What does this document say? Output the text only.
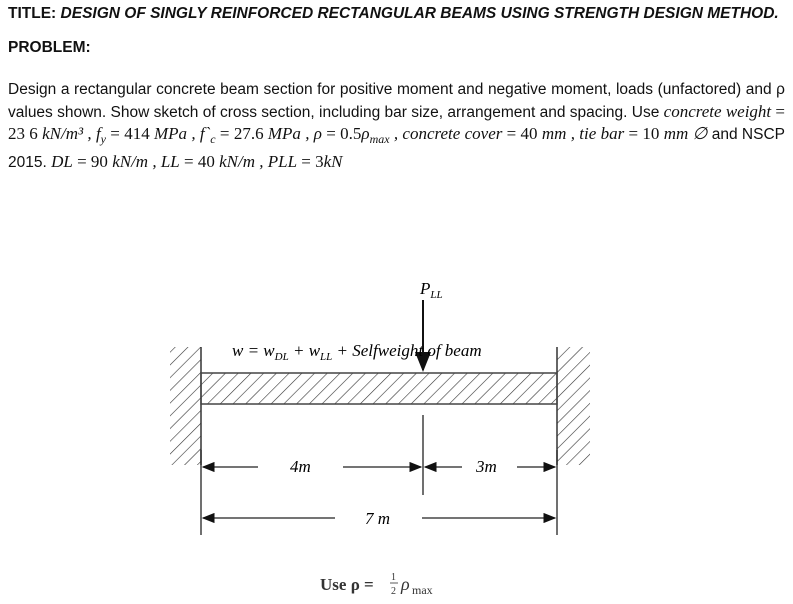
TITLE: DESIGN OF SINGLY REINFORCED RECTANGULAR BEAMS USING STRENGTH DESIGN METHOD.
PROBLEM:
Design a rectangular concrete beam section for positive moment and negative moment, loads (unfactored) and ρ values shown. Show sketch of cross section, including bar size, arrangement and spacing. Use concrete weight = 23 6 kN/m³ , $f_y = 414$ MPa , $f`_c = 27.6$ MPa , $\rho = 0.5\rho_{max}$ , concrete cover = 40 mm , tie bar = 10 mm ∅ and NSCP 2015. DL = 90 kN/m , LL = 40 kN/m , PLL = 3kN
$P_{LL}$
$w = w_{DL} + w_{LL}$ + Selfweight of beam
4m	3m
7 m
Use ρ = 1
2 ρ max
